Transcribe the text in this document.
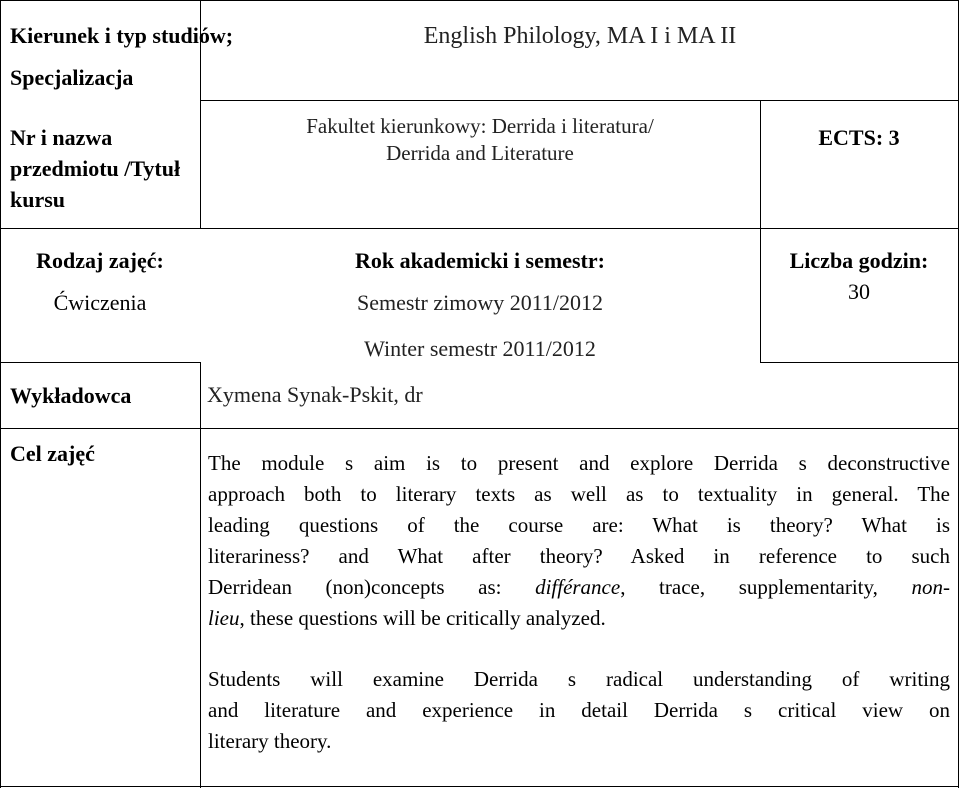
Kierunek i typ studiów;
Specjalizacja
English Philology, MA I i MA II
Nr i nazwa
przedmiotu /Tytuł
kursu
Fakultet kierunkowy: Derrida i literatura/
Derrida and Literature
ECTS: 3
Rodzaj zajęć:
Ćwiczenia
Rok akademicki i semestr:
Semestr zimowy 2011/2012
Winter semestr 2011/2012
Liczba godzin:
30
Wykładowca	Xymena Synak-Pskit, dr
Cel zajęć	The module s aim is to present and explore Derrida s deconstructive
approach both to literary texts as well as to textuality in general. The
leading questions of the course are: What is theory? What is
literariness? and What after theory? Asked in reference to such
Derridean (non)concepts as: différance, trace, supplementarity, non-
lieu, these questions will be critically analyzed.
Students will examine Derrida s radical understanding of writing
and literature and experience in detail Derrida s critical view on
literary theory.
